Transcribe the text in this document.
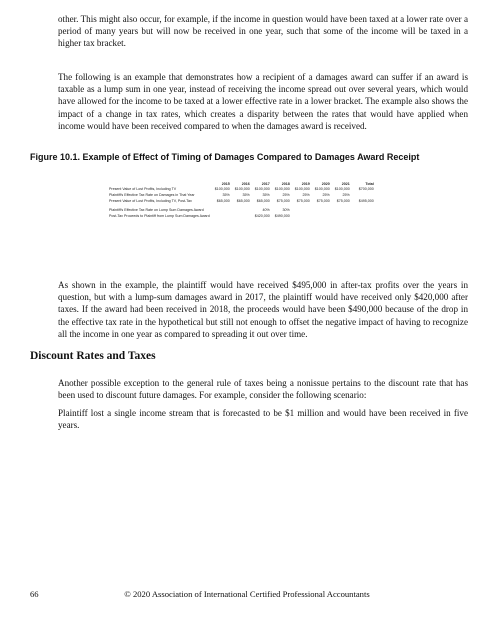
other. This might also occur, for example, if the income in question would have been taxed at a lower rate over a period of many years but will now be received in one year, such that some of the income will be taxed in a higher tax bracket.

The following is an example that demonstrates how a recipient of a damages award can suffer if an award is taxable as a lump sum in one year, instead of receiving the income spread out over several years, which would have allowed for the income to be taxed at a lower effective rate in a lower bracket. The example also shows the impact of a change in tax rates, which creates a disparity between the rates that would have applied when income would have been received compared to when the damages award is received.

Figure 10.1. Example of Effect of Timing of Damages Compared to Damages Award Receipt

	2015	2016	2017	2018	2019	2020	2021	Total
Present Value of Lost Profits, Including TV	$100,000	$100,000	$100,000	$100,000	$100,000	$100,000	$100,000	$700,000
Plaintiff's Effective Tax Rate on Damages in That Year	35%	35%	35%	25%	25%	25%	25%	
Present Value of Lost Profits, Including TV, Post-Tax	$65,000	$65,000	$65,000	$75,000	$75,000	$75,000	$75,000	$495,000

Plaintiff's Effective Tax Rate on Lump Sum Damages Award			40%	30%				
Post-Tax Proceeds to Plaintiff from Lump Sum Damages Award			$420,000	$490,000				

As shown in the example, the plaintiff would have received $495,000 in after-tax profits over the years in question, but with a lump-sum damages award in 2017, the plaintiff would have received only $420,000 after taxes. If the award had been received in 2018, the proceeds would have been $490,000 because of the drop in the effective tax rate in the hypothetical but still not enough to offset the negative impact of having to recognize all the income in one year as compared to spreading it out over time.

Discount Rates and Taxes

Another possible exception to the general rule of taxes being a nonissue pertains to the discount rate that has been used to discount future damages. For example, consider the following scenario:

Plaintiff lost a single income stream that is forecasted to be $1 million and would have been received in five years.

66	© 2020 Association of International Certified Professional Accountants
